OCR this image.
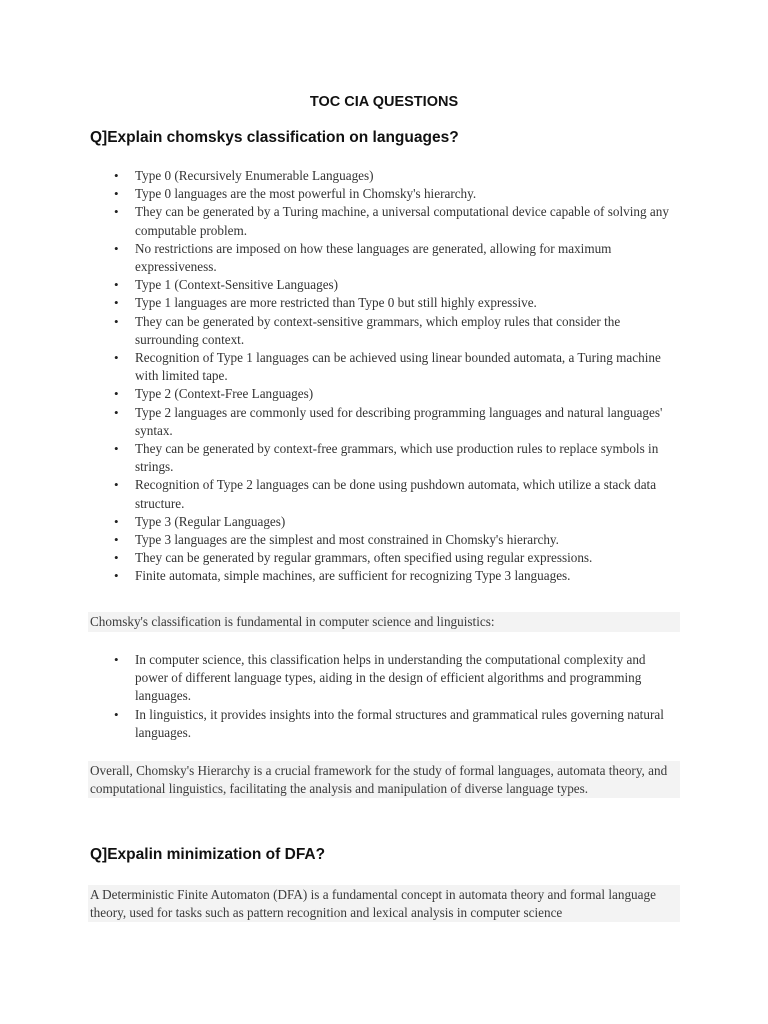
TOC CIA QUESTIONS
Q]Explain chomskys classification on languages?
• Type 0 (Recursively Enumerable Languages)
• Type 0 languages are the most powerful in Chomsky's hierarchy.
• They can be generated by a Turing machine, a universal computational device capable of solving any computable problem.
• No restrictions are imposed on how these languages are generated, allowing for maximum expressiveness.
• Type 1 (Context-Sensitive Languages)
• Type 1 languages are more restricted than Type 0 but still highly expressive.
• They can be generated by context-sensitive grammars, which employ rules that consider the surrounding context.
• Recognition of Type 1 languages can be achieved using linear bounded automata, a Turing machine with limited tape.
• Type 2 (Context-Free Languages)
• Type 2 languages are commonly used for describing programming languages and natural languages' syntax.
• They can be generated by context-free grammars, which use production rules to replace symbols in strings.
• Recognition of Type 2 languages can be done using pushdown automata, which utilize a stack data structure.
• Type 3 (Regular Languages)
• Type 3 languages are the simplest and most constrained in Chomsky's hierarchy.
• They can be generated by regular grammars, often specified using regular expressions.
• Finite automata, simple machines, are sufficient for recognizing Type 3 languages.

Chomsky's classification is fundamental in computer science and linguistics:

• In computer science, this classification helps in understanding the computational complexity and power of different language types, aiding in the design of efficient algorithms and programming languages.
• In linguistics, it provides insights into the formal structures and grammatical rules governing natural languages.

Overall, Chomsky's Hierarchy is a crucial framework for the study of formal languages, automata theory, and computational linguistics, facilitating the analysis and manipulation of diverse language types.

Q]Expalin minimization of DFA?

A Deterministic Finite Automaton (DFA) is a fundamental concept in automata theory and formal language theory, used for tasks such as pattern recognition and lexical analysis in computer science
